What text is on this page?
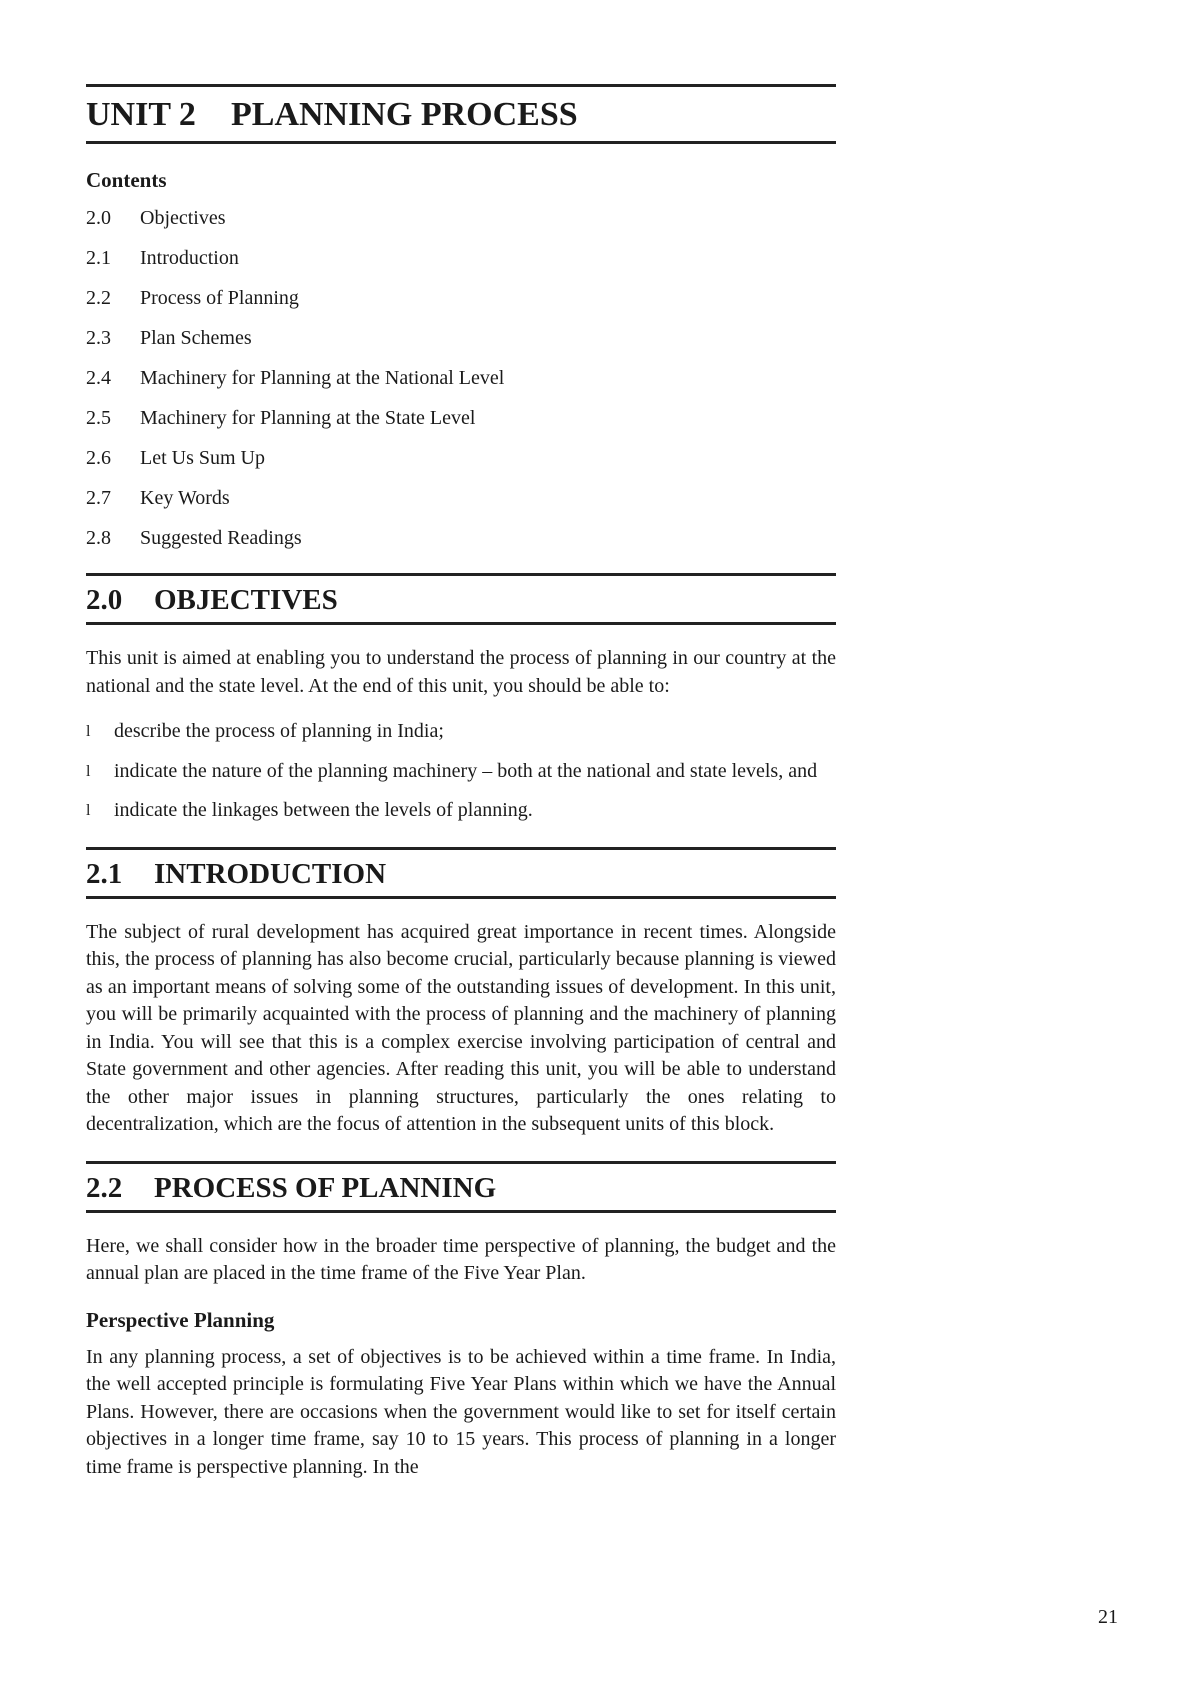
UNIT 2 PLANNING PROCESS
Contents
2.0	Objectives
2.1	Introduction
2.2	Process of Planning
2.3	Plan Schemes
2.4	Machinery for Planning at the National Level
2.5	Machinery for Planning at the State Level
2.6	Let Us Sum Up
2.7	Key Words
2.8	Suggested Readings
2.0 OBJECTIVES

This unit is aimed at enabling you to understand the process of planning in our country at the national and the state level. At the end of this unit, you should be able to:

l	describe the process of planning in India;
l	indicate the nature of the planning machinery – both at the national and state levels, and
l	indicate the linkages between the levels of planning.
2.1 INTRODUCTION

The subject of rural development has acquired great importance in recent times. Alongside this, the process of planning has also become crucial, particularly because planning is viewed as an important means of solving some of the outstanding issues of development. In this unit, you will be primarily acquainted with the process of planning and the machinery of planning in India. You will see that this is a complex exercise involving participation of central and State government and other agencies. After reading this unit, you will be able to understand the other major issues in planning structures, particularly the ones relating to decentralization, which are the focus of attention in the subsequent units of this block.

2.2 PROCESS OF PLANNING

Here, we shall consider how in the broader time perspective of planning, the budget and the annual plan are placed in the time frame of the Five Year Plan.

Perspective Planning

In any planning process, a set of objectives is to be achieved within a time frame. In India, the well accepted principle is formulating Five Year Plans within which we have the Annual Plans. However, there are occasions when the government would like to set for itself certain objectives in a longer time frame, say 10 to 15 years. This process of planning in a longer time frame is perspective planning. In the

21
